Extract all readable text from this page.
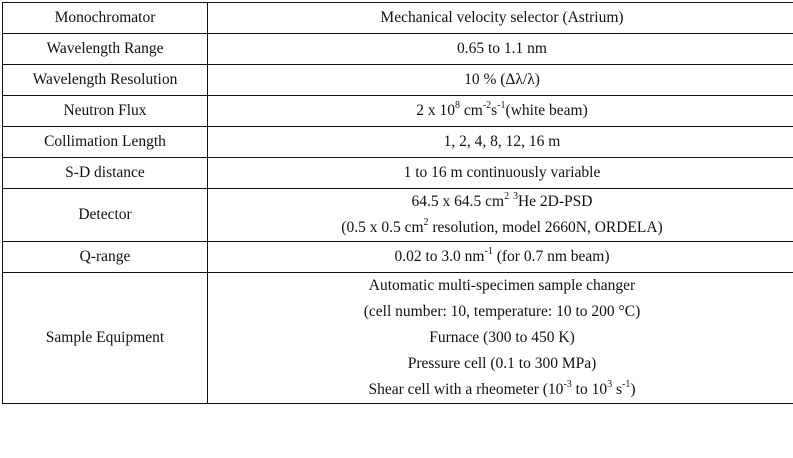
Monochromator	Mechanical velocity selector (Astrium)
Wavelength Range	0.65 to 1.1 nm
Wavelength Resolution	10 % (Δλ/λ)
Neutron Flux	2 x $10^8$ $cm^{-2}s^{-1}(white$ beam)
Collimation Length	1, 2, 4, 8, 12, 16 m
S-D distance	1 to 16 m continuously variable
Detector	64.5 x 64.5 $cm^2$ $^3$He 2D-PSD
(0.5 x 0.5 $cm^2$ resolution, model 2660N, ORDELA)

Q-range	0.02 to 3.0 $nm^{-1}$ (for 0.7 nm beam)
Sample Equipment	Automatic multi-specimen sample changer
(cell number: 10, temperature: 10 to 200 °C)
Furnace (300 to 450 K)
Pressure cell (0.1 to 300 MPa)
Shear cell with a rheometer ($10^{-3}$ to $10^3$ $s^{-1}$)
